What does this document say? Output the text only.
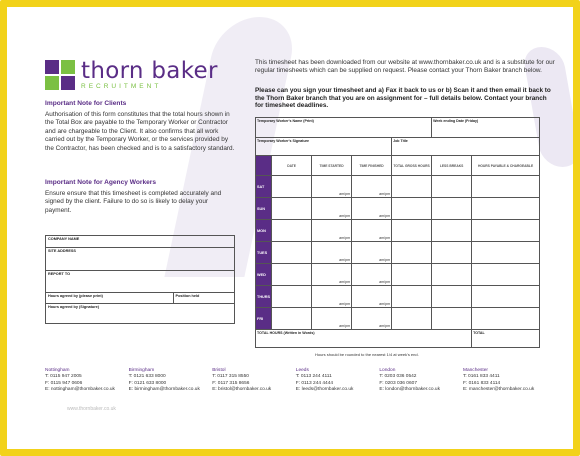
thorn baker
RECRUITMENT
Important Note for Clients
Authorisation of this form constitutes that the total hours shown in the Total Box are payable to the Temporary Worker or Contractor and are chargeable to the Client. It also confirms that all work carried out by the Temporary Worker, or the services provided by the Contractor, has been checked and is to a satisfactory standard.
Important Note for Agency Workers
Ensure ensure that this timesheet is completed accurately and signed by the client. Failure to do so is likely to delay your payment.
This timesheet has been downloaded from our website at www.thornbaker.co.uk and is a substitute for our regular timesheets which can be supplied on request. Please contact your Thorn Baker branch below.
Please can you sign your timesheet and a) Fax it back to us or b) Scan it and then email it back to the Thorn Baker branch that you are on assignment for – full details below. Contact your branch for timesheet deadlines.
COMPANY NAME
SITE ADDRESS
REPORT TO
Hours agreed by (please print)	Position held
Hours agreed by (Signature)
Temporary Worker's Name (Print)					Week ending Date (Friday)	
Temporary Worker's Signature				Job Title		
	DATE	TIME STARTED	TIME FINISHED	TOTAL GROSS HOURS	LESS BREAKS	HOURS PAYABLE & CHARGEABLE
SAT		am/pm	am/pm			
SUN		am/pm	am/pm			
MON		am/pm	am/pm			
TUES		am/pm	am/pm			
WED		am/pm	am/pm			
THURS		am/pm	am/pm			
FRI		am/pm	am/pm			
TOTAL HOURS (Written in Words)						TOTAL
Hours should be rounded to the nearest 1/4 at week's end.
Nottingham
T: 0115 947 2005
F: 0115 947 0606
E: nottingham@thornbaker.co.uk
Birmingham
T: 0121 633 8000
F: 0121 633 8000
E: birmingham@thornbaker.co.uk
Bristol
T: 0117 315 8550
F: 0117 315 8656
E: bristol@thornbaker.co.uk
Leeds
T: 0113 244 4111
F: 0113 244 4444
E: leeds@thornbaker.co.uk
London
T: 0203 036 0542
F: 0203 036 0607
E: london@thornbaker.co.uk
Manchester
T: 0161 833 4411
F: 0161 833 4114
E: manchester@thornbaker.co.uk
www.thornbaker.co.uk
